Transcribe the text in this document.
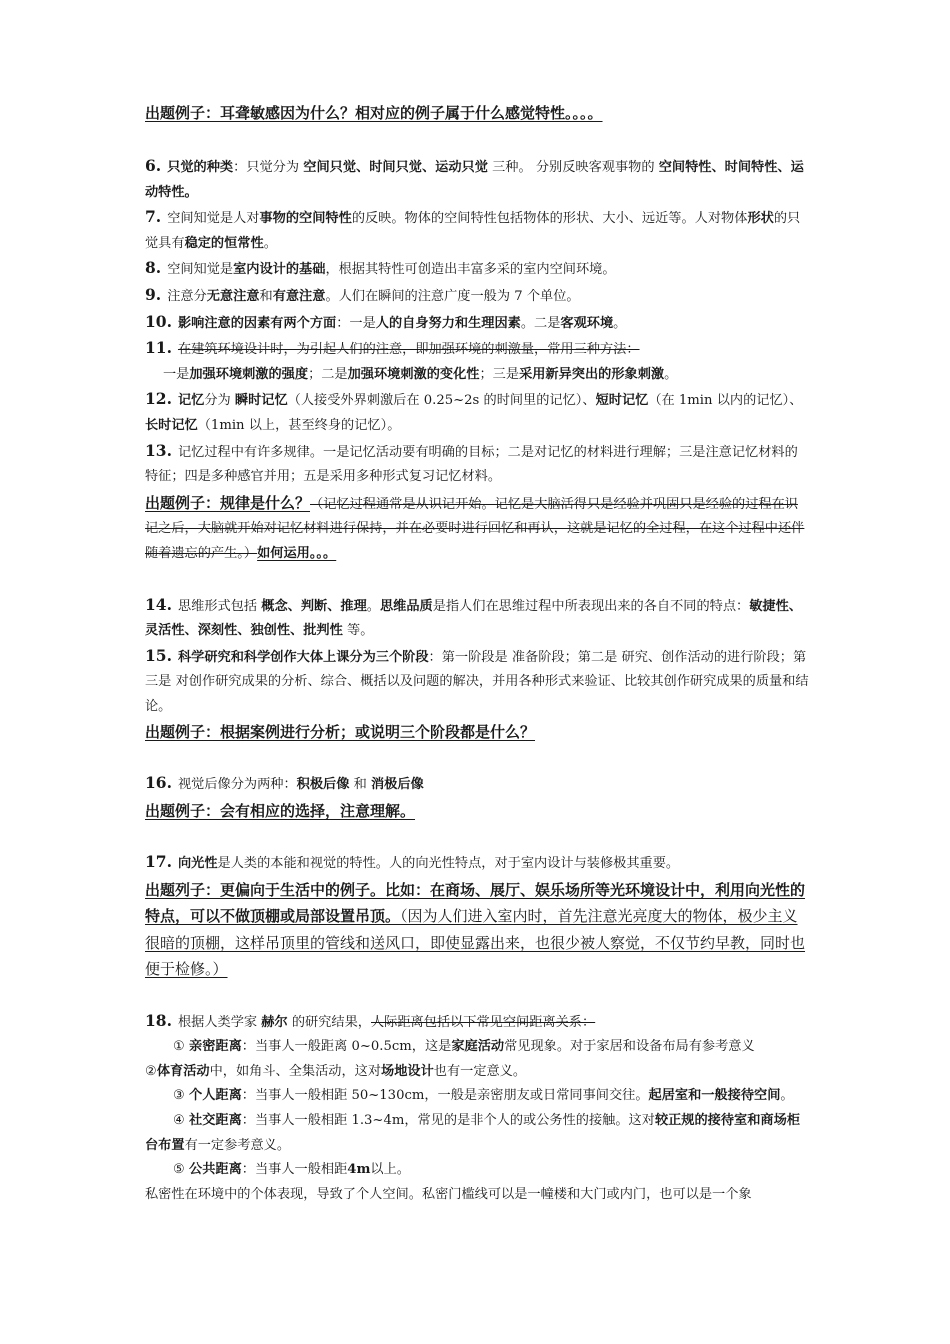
出题例子：耳聋敏感因为什么？相对应的例子属于什么感觉特性。。。。

6. 只觉的种类：只觉分为 空间只觉、时间只觉、运动只觉 三种。 分别反映客观事物的 空间特性、时间特性、运动特性。

7. 空间知觉是人对事物的空间特性的反映。物体的空间特性包括物体的形状、大小、远近等。人对物体形状的只觉具有稳定的恒常性。

8. 空间知觉是室内设计的基础，根据其特性可创造出丰富多采的室内空间环境。

9. 注意分无意注意和有意注意。人们在瞬间的注意广度一般为 7 个单位。

10. 影响注意的因素有两个方面：一是人的自身努力和生理因素。二是客观环境。

11. 在建筑环境设计时，为引起人们的注意，即加强环境的刺激量，常用三种方法：

一是加强环境刺激的强度；二是加强环境刺激的变化性；三是采用新异突出的形象刺激。

12. 记忆分为 瞬时记忆（人接受外界刺激后在 0.25~2s 的时间里的记忆）、短时记忆（在 1min 以内的记忆）、长时记忆（1min 以上，甚至终身的记忆）。

13. 记忆过程中有许多规律。一是记忆活动要有明确的目标；二是对记忆的材料进行理解；三是注意记忆材料的特征；四是多种感官并用；五是采用多种形式复习记忆材料。

出题例子：规律是什么？（记忆过程通常是从识记开始。记忆是大脑活得只是经验并巩固只是经验的过程在识记之后，大脑就开始对记忆材料进行保持，并在必要时进行回忆和再认，这就是记忆的全过程，在这个过程中还伴随着遗忘的产生。）如何运用。。。

14. 思维形式包括 概念、判断、推理。思维品质是指人们在思维过程中所表现出来的各自不同的特点：敏捷性、灵活性、深刻性、独创性、批判性 等。

15. 科学研究和科学创作大体上课分为三个阶段：第一阶段是 准备阶段；第二是 研究、创作活动的进行阶段；第三是 对创作研究成果的分析、综合、概括以及问题的解决，并用各种形式来验证、比较其创作研究成果的质量和结论。

出题例子：根据案例进行分析；或说明三个阶段都是什么？

16. 视觉后像分为两种：积极后像 和 消极后像

出题例子：会有相应的选择，注意理解。

17. 向光性是人类的本能和视觉的特性。人的向光性特点，对于室内设计与装修极其重要。

出题列子：更偏向于生活中的例子。比如：在商场、展厅、娱乐场所等光环境设计中，利用向光性的特点，可以不做顶棚或局部设置吊顶。（因为人们进入室内时，首先注意光亮度大的物体，极少主义很暗的顶棚，这样吊顶里的管线和送风口，即使显露出来，也很少被人察觉，不仅节约早教，同时也便于检修。）

18. 根据人类学家 赫尔 的研究结果，人际距离包括以下常见空间距离关系：

① 亲密距离：当事人一般距离 0~0.5cm，这是家庭活动常见现象。对于家居和设备布局有参考意义

②体育活动中，如角斗、全集活动，这对场地设计也有一定意义。

③ 个人距离：当事人一般相距 50~130cm，一般是亲密朋友或日常同事间交往。起居室和一般接待空间。

④ 社交距离：当事人一般相距 1.3~4m，常见的是非个人的或公务性的接触。这对较正规的接待室和商场柜台布置有一定参考意义。

⑤ 公共距离：当事人一般相距4m以上。

私密性在环境中的个体表现，导致了个人空间。私密门槛线可以是一幢楼和大门或内门，也可以是一个象
